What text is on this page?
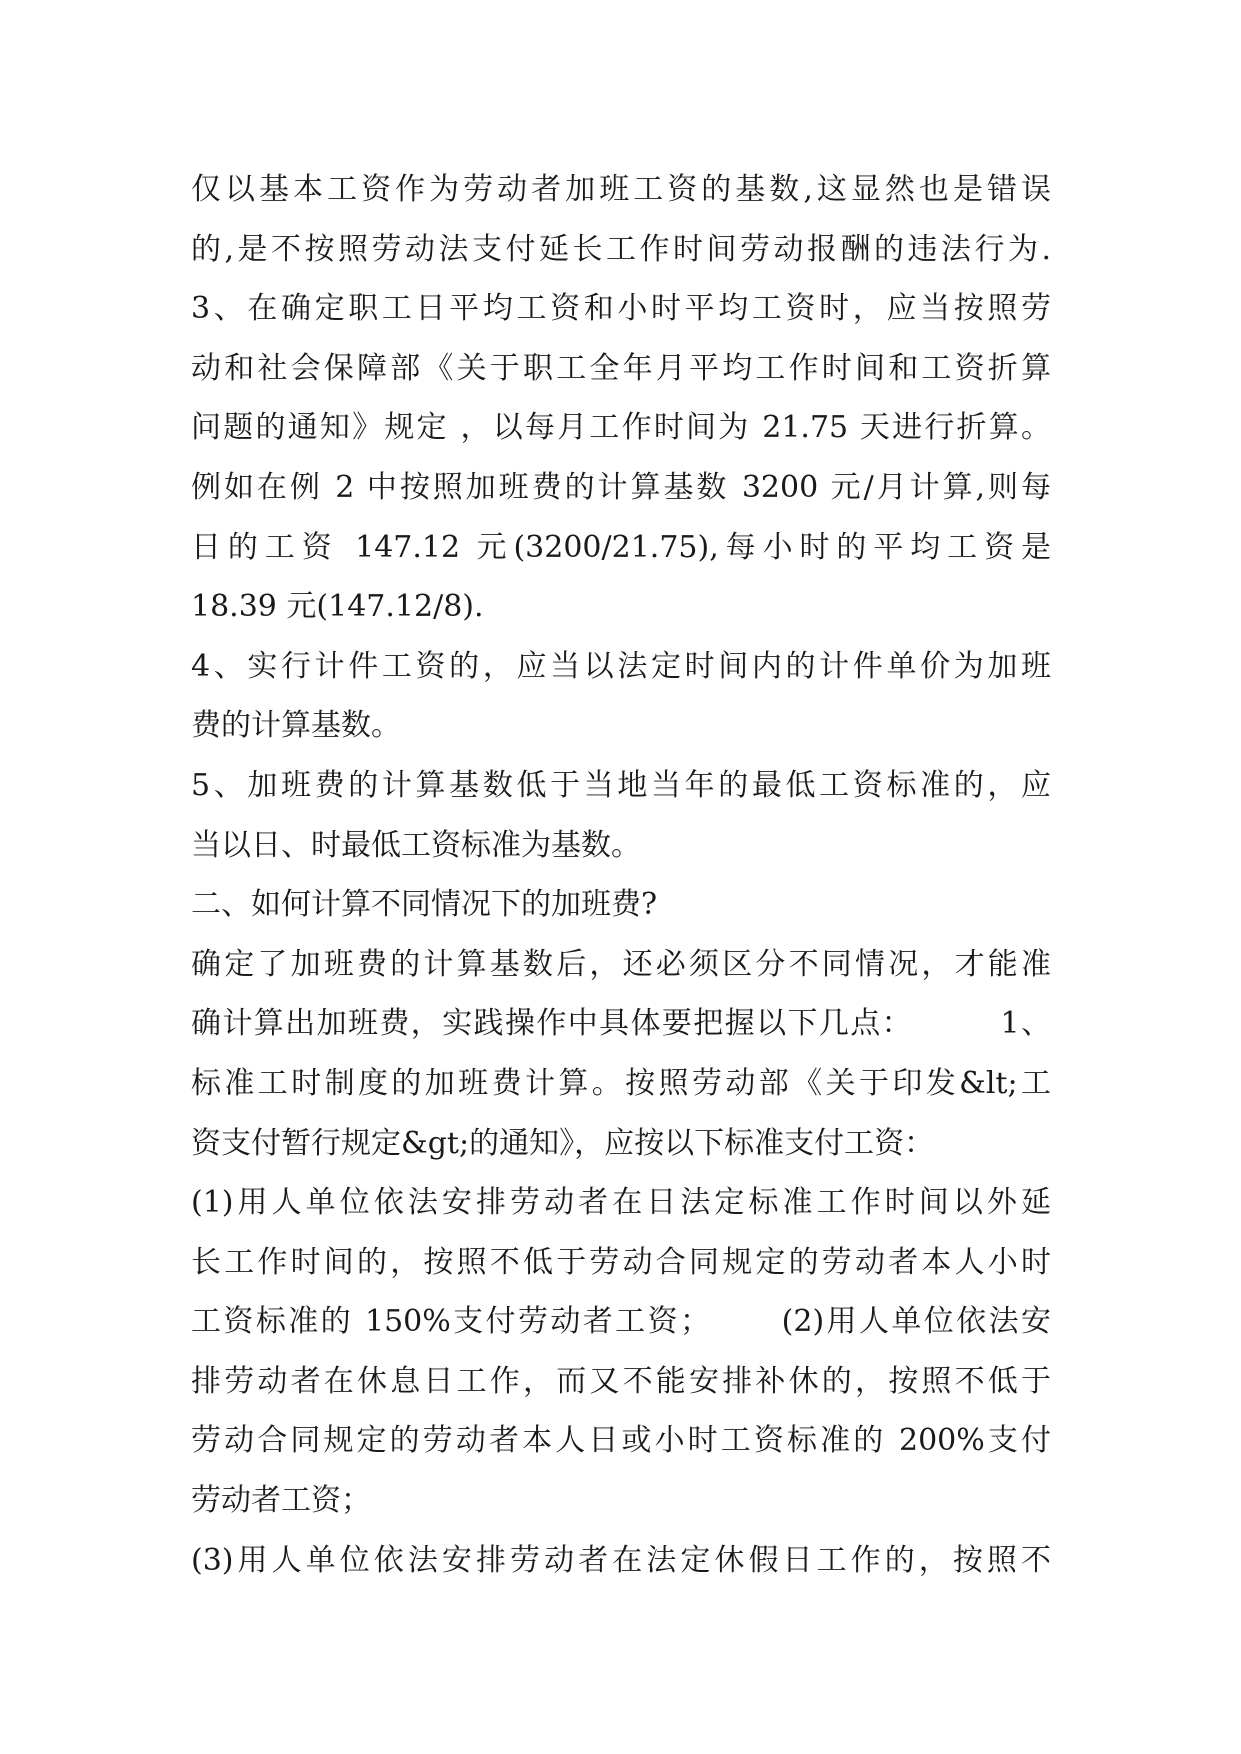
仅以基本工资作为劳动者加班工资的基数,这显然也是错误
的,是不按照劳动法支付延长工作时间劳动报酬的违法行为.
3、在确定职工日平均工资和小时平均工资时，应当按照劳
动和社会保障部《关于职工全年月平均工作时间和工资折算
问题的通知》规定 ，以每月工作时间为 21.75 天进行折算。
例如在例 2 中按照加班费的计算基数 3200 元/月计算,则每
日的工资 147.12 元(3200/21.75),每小时的平均工资是
18.39 元(147.12/8).
4、实行计件工资的，应当以法定时间内的计件单价为加班
费的计算基数。
5、加班费的计算基数低于当地当年的最低工资标准的，应
当以日、时最低工资标准为基数。
二、如何计算不同情况下的加班费?
确定了加班费的计算基数后，还必须区分不同情况，才能准
确计算出加班费，实践操作中具体要把握以下几点：        1、
标准工时制度的加班费计算。按照劳动部《关于印发&lt;工
资支付暂行规定&gt;的通知》，应按以下标准支付工资：
(1)用人单位依法安排劳动者在日法定标准工作时间以外延
长工作时间的，按照不低于劳动合同规定的劳动者本人小时
工资标准的 150%支付劳动者工资；      (2)用人单位依法安
排劳动者在休息日工作，而又不能安排补休的，按照不低于
劳动合同规定的劳动者本人日或小时工资标准的 200%支付
劳动者工资；
(3)用人单位依法安排劳动者在法定休假日工作的，按照不
